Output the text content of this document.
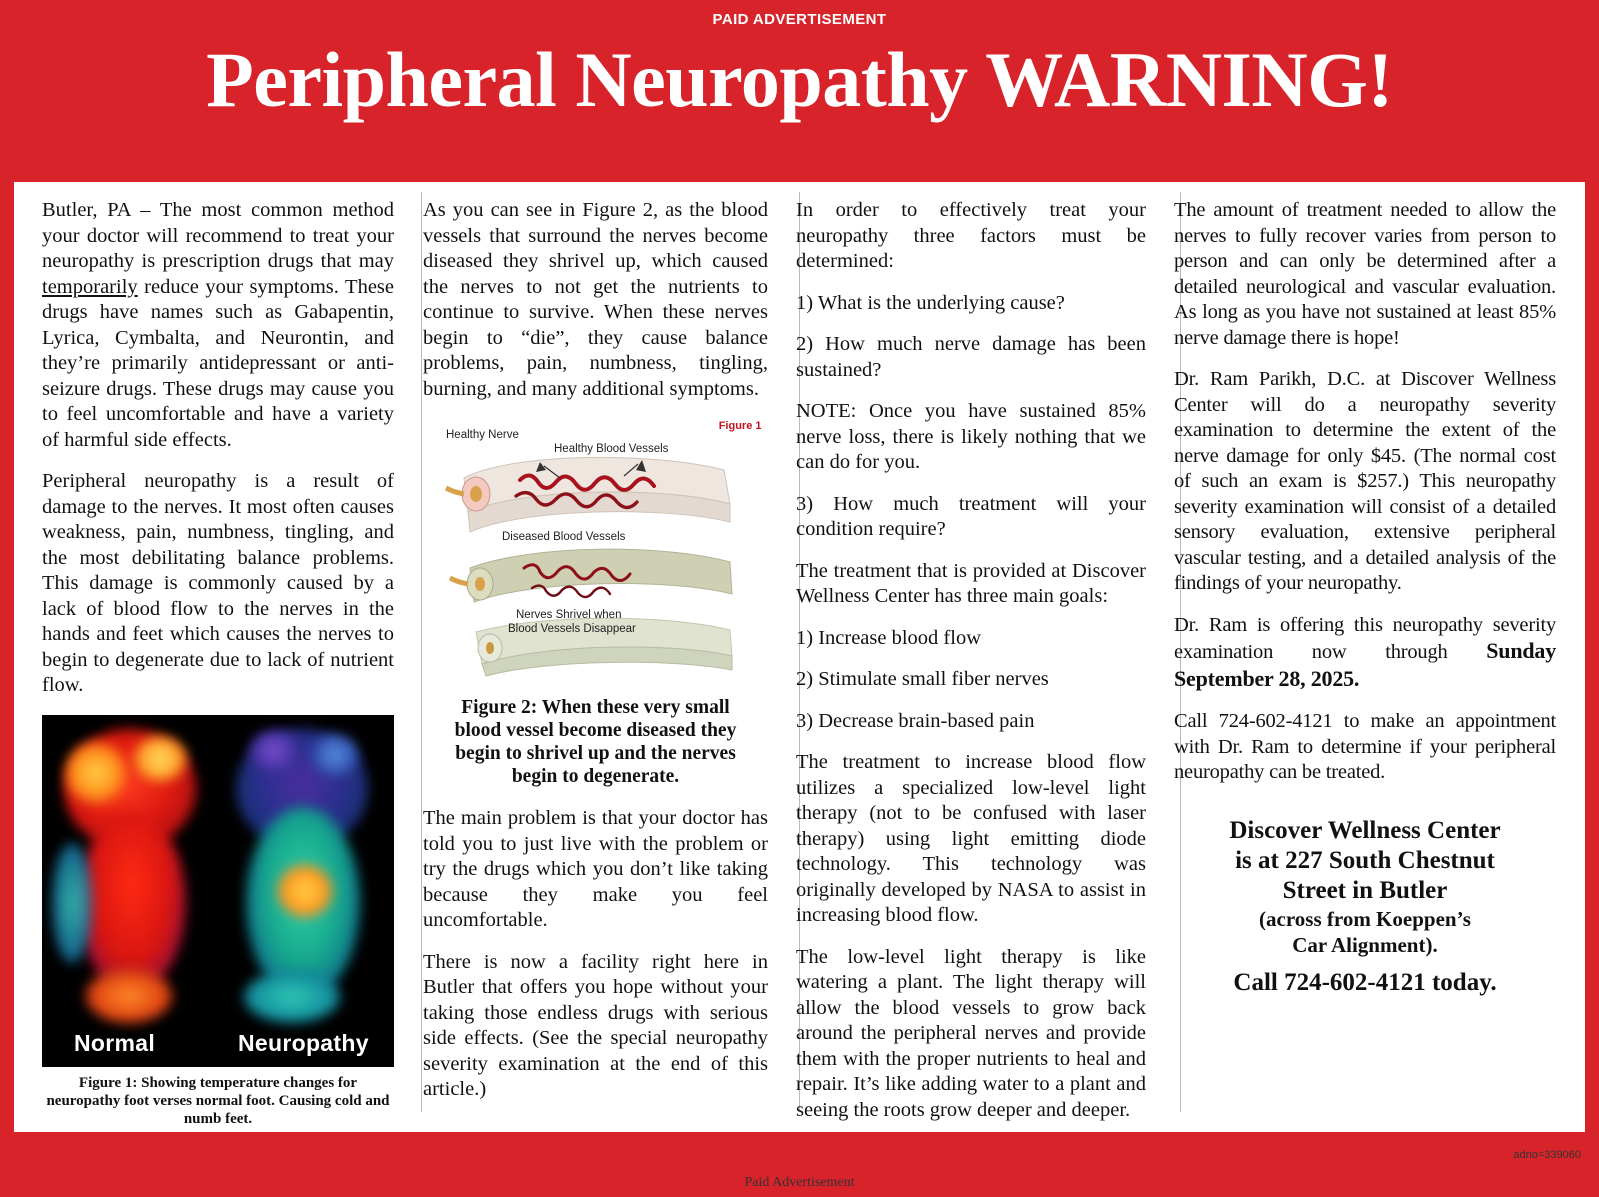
PAID ADVERTISEMENT
Peripheral Neuropathy WARNING!

Butler, PA – The most common method your doctor will recommend to treat your neuropathy is prescription drugs that may temporarily reduce your symptoms. These drugs have names such as Gabapentin, Lyrica, Cymbalta, and Neurontin, and they’re primarily antidepressant or anti-seizure drugs. These drugs may cause you to feel uncomfortable and have a variety of harmful side effects.

Peripheral neuropathy is a result of damage to the nerves. It most often causes weakness, pain, numbness, tingling, and the most debilitating balance problems. This damage is commonly caused by a lack of blood flow to the nerves in the hands and feet which causes the nerves to begin to degenerate due to lack of nutrient flow.

Normal	Neuropathy
Figure 1: Showing temperature changes for neuropathy foot verses normal foot. Causing cold and numb feet.

As you can see in Figure 2, as the blood vessels that surround the nerves become diseased they shrivel up, which caused the nerves to not get the nutrients to continue to survive. When these nerves begin to “die”, they cause balance problems, pain, numbness, tingling, burning, and many additional symptoms.

Figure 1
Healthy Nerve
Healthy Blood Vessels
Diseased Blood Vessels
Nerves Shrivel when
Blood Vessels Disappear
Figure 2: When these very small blood vessel become diseased they begin to shrivel up and the nerves begin to degenerate.

The main problem is that your doctor has told you to just live with the problem or try the drugs which you don’t like taking because they make you feel uncomfortable.

There is now a facility right here in Butler that offers you hope without your taking those endless drugs with serious side effects. (See the special neuropathy severity examination at the end of this article.)

In order to effectively treat your neuropathy three factors must be determined:

1) What is the underlying cause?

2) How much nerve damage has been sustained?

NOTE: Once you have sustained 85% nerve loss, there is likely nothing that we can do for you.

3) How much treatment will your condition require?

The treatment that is provided at Discover Wellness Center has three main goals:

1) Increase blood flow

2) Stimulate small fiber nerves

3) Decrease brain-based pain

The treatment to increase blood flow utilizes a specialized low-level light therapy (not to be confused with laser therapy) using light emitting diode technology. This technology was originally developed by NASA to assist in increasing blood flow.

The low-level light therapy is like watering a plant. The light therapy will allow the blood vessels to grow back around the peripheral nerves and provide them with the proper nutrients to heal and repair. It’s like adding water to a plant and seeing the roots grow deeper and deeper.

The amount of treatment needed to allow the nerves to fully recover varies from person to person and can only be determined after a detailed neurological and vascular evaluation. As long as you have not sustained at least 85% nerve damage there is hope!

Dr. Ram Parikh, D.C. at Discover Wellness Center will do a neuropathy severity examination to determine the extent of the nerve damage for only $45. (The normal cost of such an exam is $257.) This neuropathy severity examination will consist of a detailed sensory evaluation, extensive peripheral vascular testing, and a detailed analysis of the findings of your neuropathy.

Dr. Ram is offering this neuropathy severity examination now through Sunday September 28, 2025.

Call 724-602-4121 to make an appointment with Dr. Ram to determine if your peripheral neuropathy can be treated.

Discover Wellness Center
is at 227 South Chestnut
Street in Butler
(across from Koeppen’s
Car Alignment).
Call 724-602-4121 today.
adno=339060
Paid Advertisement
